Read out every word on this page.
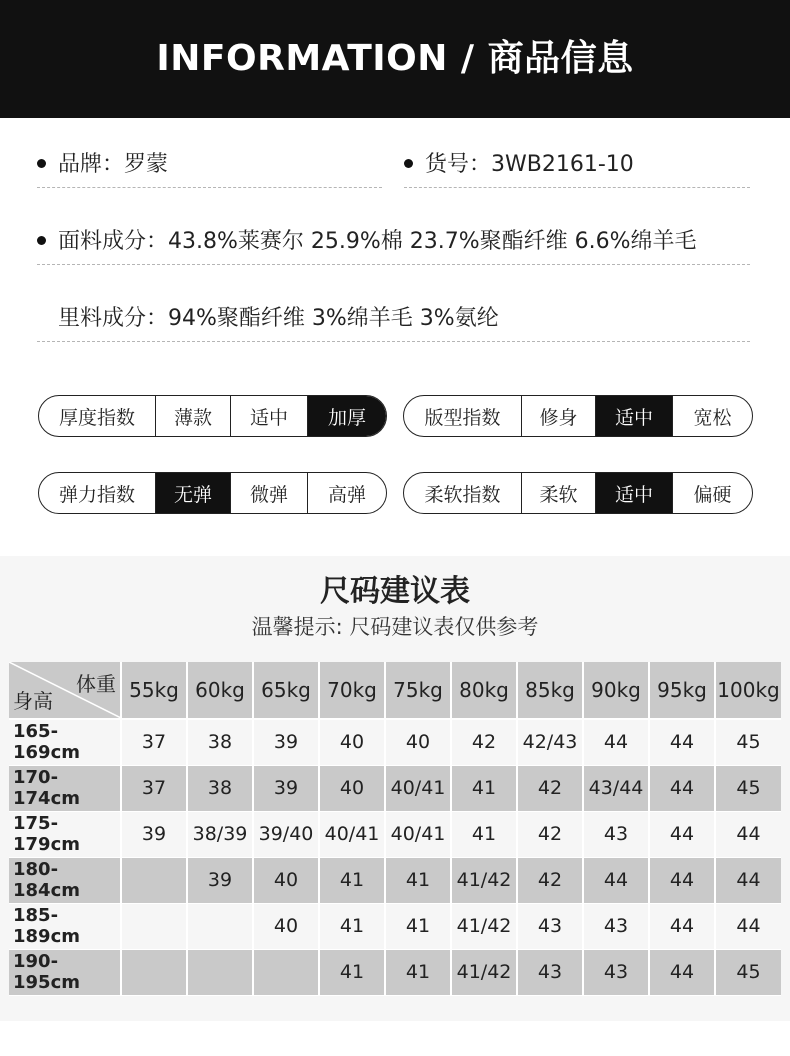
INFORMATION / 商品信息
品牌：罗蒙	货号：3WB2161-10
面料成分：43.8%莱赛尔 25.9%棉 23.7%聚酯纤维 6.6%绵羊毛
里料成分：94%聚酯纤维 3%绵羊毛 3%氨纶
厚度指数	薄款	适中	加厚	版型指数	修身	适中	宽松
弹力指数	无弹	微弹	高弹	柔软指数	柔软	适中	偏硬
尺码建议表
温馨提示: 尺码建议表仅供参考
体重
身高	55kg	60kg	65kg	70kg	75kg	80kg	85kg	90kg	95kg	100kg
165-169cm	37	38	39	40	40	42	42/43	44	44	45
170-174cm	37	38	39	40	40/41	41	42	43/44	44	45
175-179cm	39	38/39	39/40	40/41	40/41	41	42	43	44	44
180-184cm		39	40	41	41	41/42	42	44	44	44
185-189cm			40	41	41	41/42	43	43	44	44
190-195cm				41	41	41/42	43	43	44	45
